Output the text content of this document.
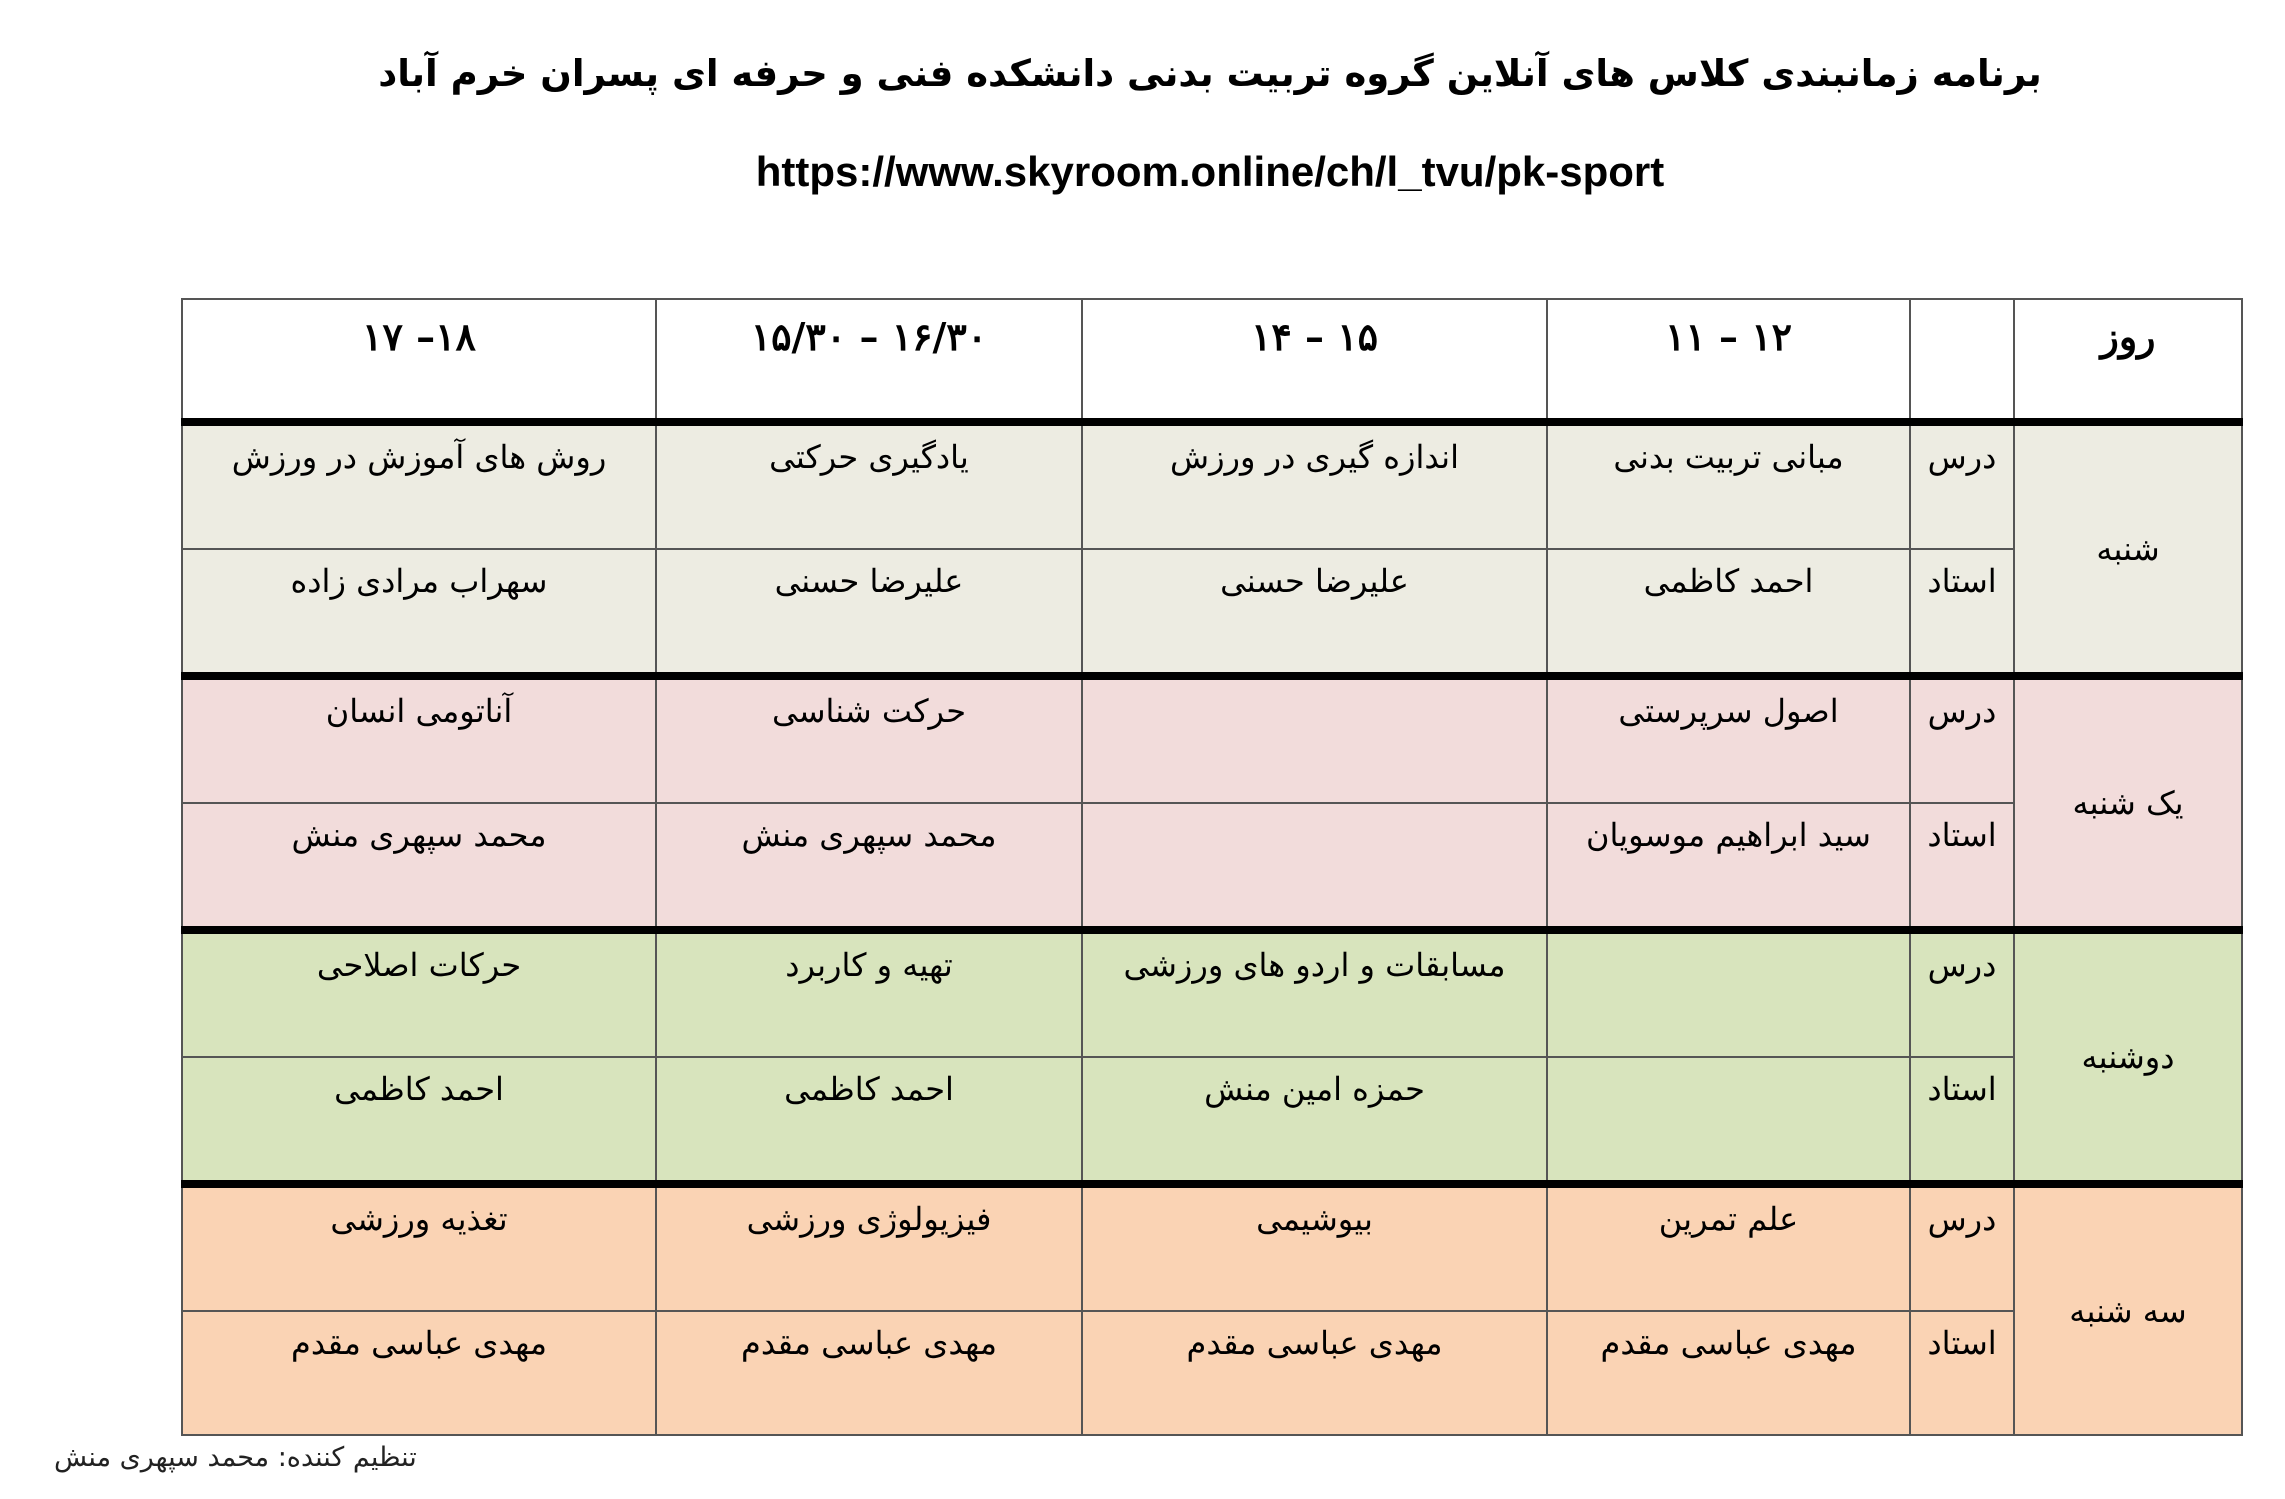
برنامه زمانبندی کلاس های آنلاین گروه تربیت بدنی دانشکده فنی و حرفه ای پسران خرم آباد
https://www.skyroom.online/ch/l_tvu/pk-sport
روز		۱۲ – ۱۱	۱۵ – ۱۴	۱۶/۳۰ – ۱۵/۳۰	۱۸– ۱۷
شنبه	درس	مبانی تربیت بدنی	اندازه گیری در ورزش	یادگیری حرکتی	روش های آموزش در ورزش
	استاد	احمد کاظمی	علیرضا حسنی	علیرضا حسنی	سهراب مرادی زاده
یک شنبه	درس	اصول سرپرستی		حرکت شناسی	آناتومی انسان
	استاد	سید ابراهیم موسویان		محمد سپهری منش	محمد سپهری منش
دوشنبه	درس		مسابقات و اردو های ورزشی	تهیه و کاربرد	حرکات اصلاحی
	استاد		حمزه امین منش	احمد کاظمی	احمد کاظمی
سه شنبه	درس	علم تمرین	بیوشیمی	فیزیولوژی ورزشی	تغذیه ورزشی
	استاد	مهدی عباسی مقدم	مهدی عباسی مقدم	مهدی عباسی مقدم	مهدی عباسی مقدم
تنظیم کننده: محمد سپهری منش
